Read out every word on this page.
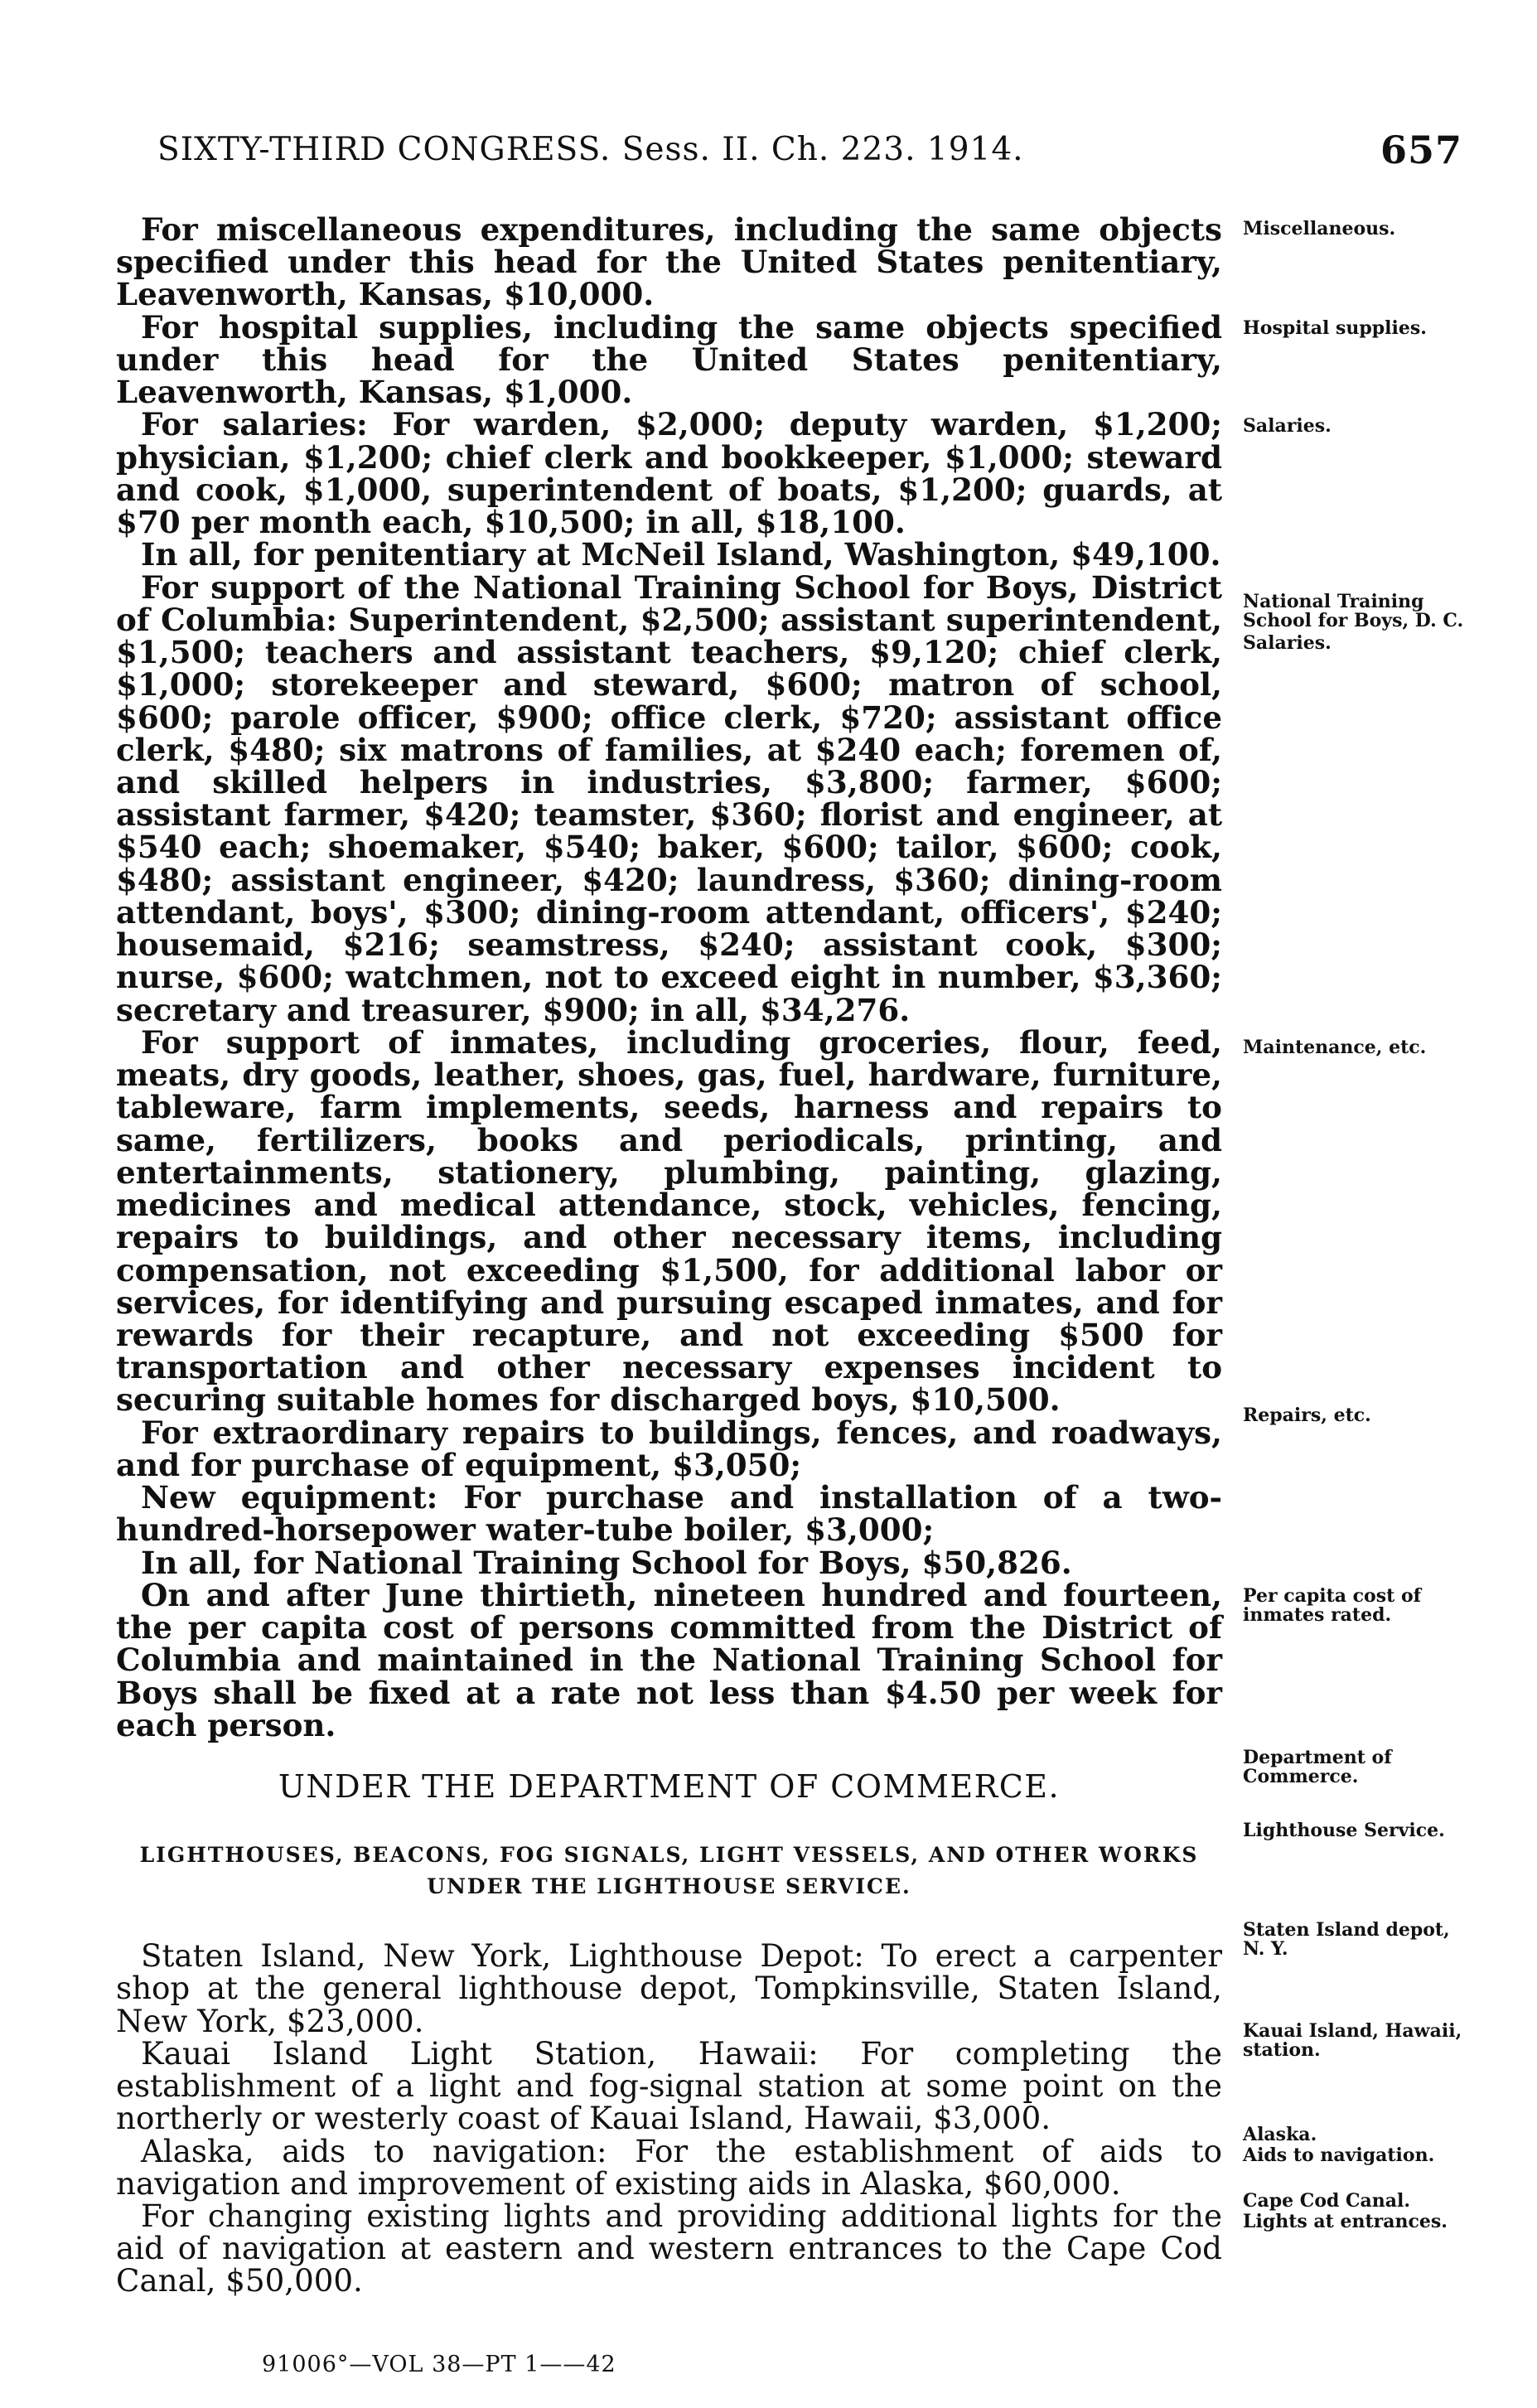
SIXTY-THIRD CONGRESS. Sess. II. Ch. 223. 1914.	657

For miscellaneous expenditures, including the same objects specified under this head for the United States penitentiary, Leavenworth, Kansas, $10,000.

For hospital supplies, including the same objects specified under this head for the United States penitentiary, Leavenworth, Kansas, $1,000.

For salaries: For warden, $2,000; deputy warden, $1,200; physician, $1,200; chief clerk and bookkeeper, $1,000; steward and cook, $1,000, superintendent of boats, $1,200; guards, at $70 per month each, $10,500; in all, $18,100.

In all, for penitentiary at McNeil Island, Washington, $49,100.

For support of the National Training School for Boys, District of Columbia: Superintendent, $2,500; assistant superintendent, $1,500; teachers and assistant teachers, $9,120; chief clerk, $1,000; storekeeper and steward, $600; matron of school, $600; parole officer, $900; office clerk, $720; assistant office clerk, $480; six matrons of families, at $240 each; foremen of, and skilled helpers in industries, $3,800; farmer, $600; assistant farmer, $420; teamster, $360; florist and engineer, at $540 each; shoemaker, $540; baker, $600; tailor, $600; cook, $480; assistant engineer, $420; laundress, $360; dining-room attendant, boys', $300; dining-room attendant, officers', $240; housemaid, $216; seamstress, $240; assistant cook, $300; nurse, $600; watchmen, not to exceed eight in number, $3,360; secretary and treasurer, $900; in all, $34,276.

For support of inmates, including groceries, flour, feed, meats, dry goods, leather, shoes, gas, fuel, hardware, furniture, tableware, farm implements, seeds, harness and repairs to same, fertilizers, books and periodicals, printing, and entertainments, stationery, plumbing, painting, glazing, medicines and medical attendance, stock, vehicles, fencing, repairs to buildings, and other necessary items, including compensation, not exceeding $1,500, for additional labor or services, for identifying and pursuing escaped inmates, and for rewards for their recapture, and not exceeding $500 for transportation and other necessary expenses incident to securing suitable homes for discharged boys, $10,500.

For extraordinary repairs to buildings, fences, and roadways, and for purchase of equipment, $3,050;

New equipment: For purchase and installation of a two-hundred-horsepower water-tube boiler, $3,000;

In all, for National Training School for Boys, $50,826.

On and after June thirtieth, nineteen hundred and fourteen, the per capita cost of persons committed from the District of Columbia and maintained in the National Training School for Boys shall be fixed at a rate not less than $4.50 per week for each person.

UNDER THE DEPARTMENT OF COMMERCE.

LIGHTHOUSES, BEACONS, FOG SIGNALS, LIGHT VESSELS, AND OTHER WORKS UNDER THE LIGHTHOUSE SERVICE.

Staten Island, New York, Lighthouse Depot: To erect a carpenter shop at the general lighthouse depot, Tompkinsville, Staten Island, New York, $23,000.

Kauai Island Light Station, Hawaii: For completing the establishment of a light and fog-signal station at some point on the northerly or westerly coast of Kauai Island, Hawaii, $3,000.

Alaska, aids to navigation: For the establishment of aids to navigation and improvement of existing aids in Alaska, $60,000.

For changing existing lights and providing additional lights for the aid of navigation at eastern and western entrances to the Cape Cod Canal, $50,000.

Miscellaneous.
Hospital supplies.
Salaries.
National Training School for Boys, D. C.
Salaries.
Maintenance, etc.
Repairs, etc.
Per capita cost of inmates rated.
Department of Commerce.
Lighthouse Service.
Staten Island depot, N. Y.
Kauai Island, Hawaii, station.
Alaska.
Aids to navigation.
Cape Cod Canal.
Lights at entrances.
91006°—VOL 38—PT 1——42
